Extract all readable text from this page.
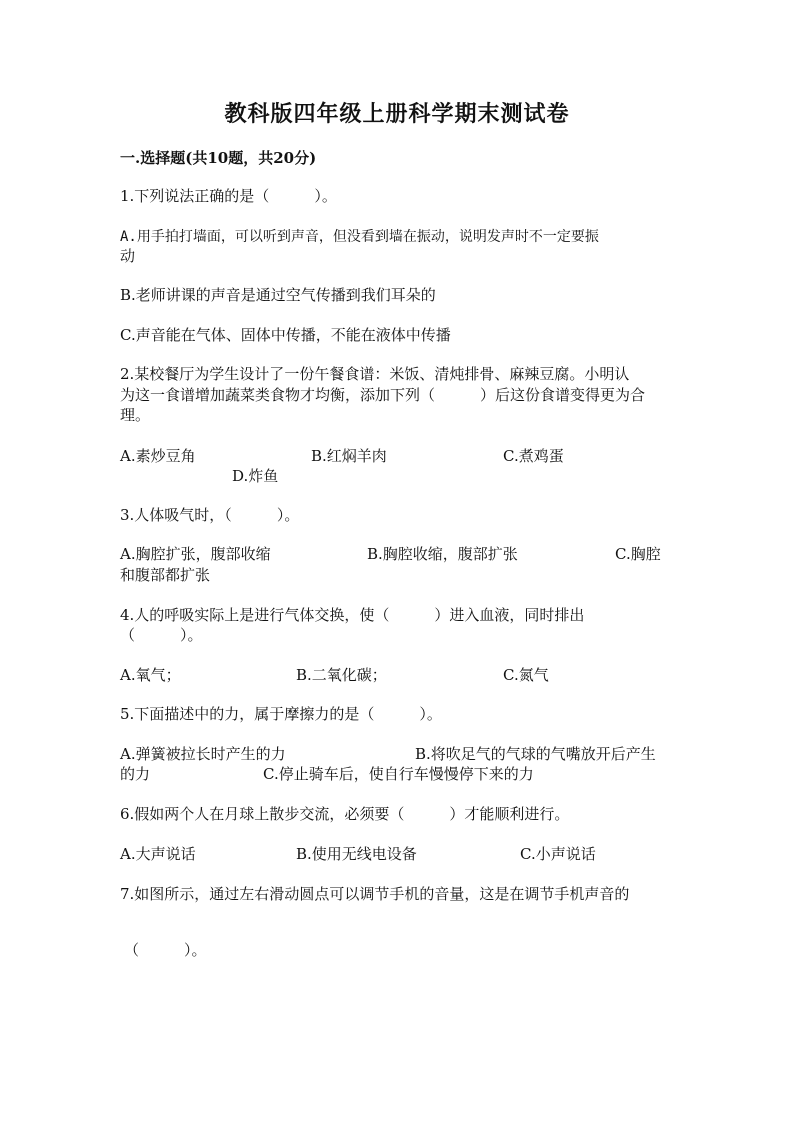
教科版四年级上册科学期末测试卷
一.选择题(共10题，共20分)
1.下列说法正确的是（　　　）。
A.用手拍打墙面，可以听到声音，但没看到墙在振动，说明发声时不一定要振
动
B.老师讲课的声音是通过空气传播到我们耳朵的
C.声音能在气体、固体中传播，不能在液体中传播
2.某校餐厅为学生设计了一份午餐食谱：米饭、清炖排骨、麻辣豆腐。小明认
为这一食谱增加蔬菜类食物才均衡，添加下列（　　　）后这份食谱变得更为合
理。
A.素炒豆角	B.红焖羊肉	C.煮鸡蛋
D.炸鱼
3.人体吸气时，（　　　）。
A.胸腔扩张，腹部收缩	B.胸腔收缩，腹部扩张	C.胸腔
和腹部都扩张
4.人的呼吸实际上是进行气体交换，使（　　　）进入血液，同时排出
（　　　）。
A.氧气；	B.二氧化碳；	C.氮气
5.下面描述中的力，属于摩擦力的是（　　　）。
A.弹簧被拉长时产生的力	B.将吹足气的气球的气嘴放开后产生
的力	C.停止骑车后，使自行车慢慢停下来的力
6.假如两个人在月球上散步交流，必须要（　　　）才能顺利进行。
A.大声说话	B.使用无线电设备	C.小声说话
7.如图所示，通过左右滑动圆点可以调节手机的音量，这是在调节手机声音的
（　　　）。
